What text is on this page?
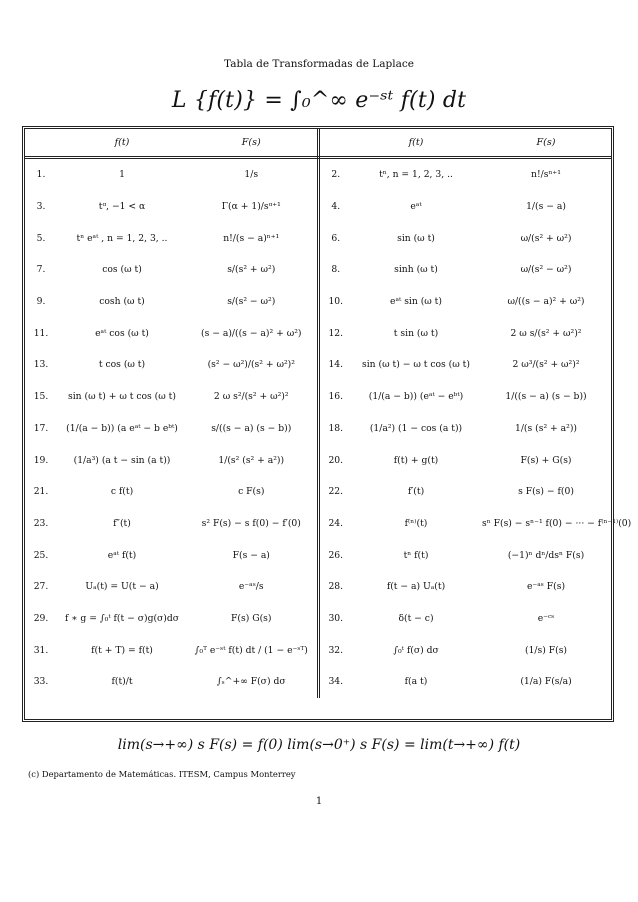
Tabla de Transformadas de Laplace
L {f(t)} = ∫₀^∞ e⁻ˢᵗ f(t) dt
	f(t)	F(s)		f(t)	F(s)
1.	1	1/s	2.	tⁿ, n = 1, 2, 3, ..	n!/sⁿ⁺¹
3.	tᵅ, −1 < α	Γ(α + 1)/sᵅ⁺¹	4.	eᵃᵗ	1/(s − a)
5.	tⁿ eᵃᵗ , n = 1, 2, 3, ..	n!/(s − a)ⁿ⁺¹	6.	sin (ω t)	ω/(s² + ω²)
7.	cos (ω t)	s/(s² + ω²)	8.	sinh (ω t)	ω/(s² − ω²)
9.	cosh (ω t)	s/(s² − ω²)	10.	eᵃᵗ sin (ω t)	ω/((s − a)² + ω²)
11.	eᵃᵗ cos (ω t)	(s − a)/((s − a)² + ω²)	12.	t sin (ω t)	2 ω s/(s² + ω²)²
13.	t cos (ω t)	(s² − ω²)/(s² + ω²)²	14.	sin (ω t) − ω t cos (ω t)	2 ω³/(s² + ω²)²
15.	sin (ω t) + ω t cos (ω t)	2 ω s²/(s² + ω²)²	16.	(1/(a − b)) (eᵃᵗ − eᵇᵗ)	1/((s − a) (s − b))
17.	(1/(a − b)) (a eᵃᵗ − b eᵇᵗ)	s/((s − a) (s − b))	18.	(1/a²) (1 − cos (a t))	1/(s (s² + a²))
19.	(1/a³) (a t − sin (a t))	1/(s² (s² + a²))	20.	f(t) + g(t)	F(s) + G(s)
21.	c f(t)	c F(s)	22.	f′(t)	s F(s) − f(0)
23.	f″(t)	s² F(s) − s f(0) − f′(0)	24.	f⁽ⁿ⁾(t)	sⁿ F(s) − sⁿ⁻¹ f(0) − ··· − f⁽ⁿ⁻¹⁾(0)
25.	eᵃᵗ f(t)	F(s − a)	26.	tⁿ f(t)	(−1)ⁿ dⁿ/dsⁿ F(s)
27.	Uₐ(t) = U(t − a)	e⁻ᵃˢ/s	28.	f(t − a) Uₐ(t)	e⁻ᵃˢ F(s)
29.	f ∗ g = ∫₀ᵗ f(t − σ)g(σ)dσ	F(s) G(s)	30.	δ(t − c)	e⁻ᶜˢ
31.	f(t + T) = f(t)	∫₀ᵀ e⁻ˢᵗ f(t) dt / (1 − e⁻ˢᵀ)	32.	∫₀ᵗ f(σ) dσ	(1/s) F(s)
33.	f(t)/t	∫ₛ^+∞ F(σ) dσ	34.	f(a t)	(1/a) F(s/a)
lim(s→+∞) s F(s) = f(0) lim(s→0⁺) s F(s) = lim(t→+∞) f(t)
(c) Departamento de Matemáticas. ITESM, Campus Monterrey
1
